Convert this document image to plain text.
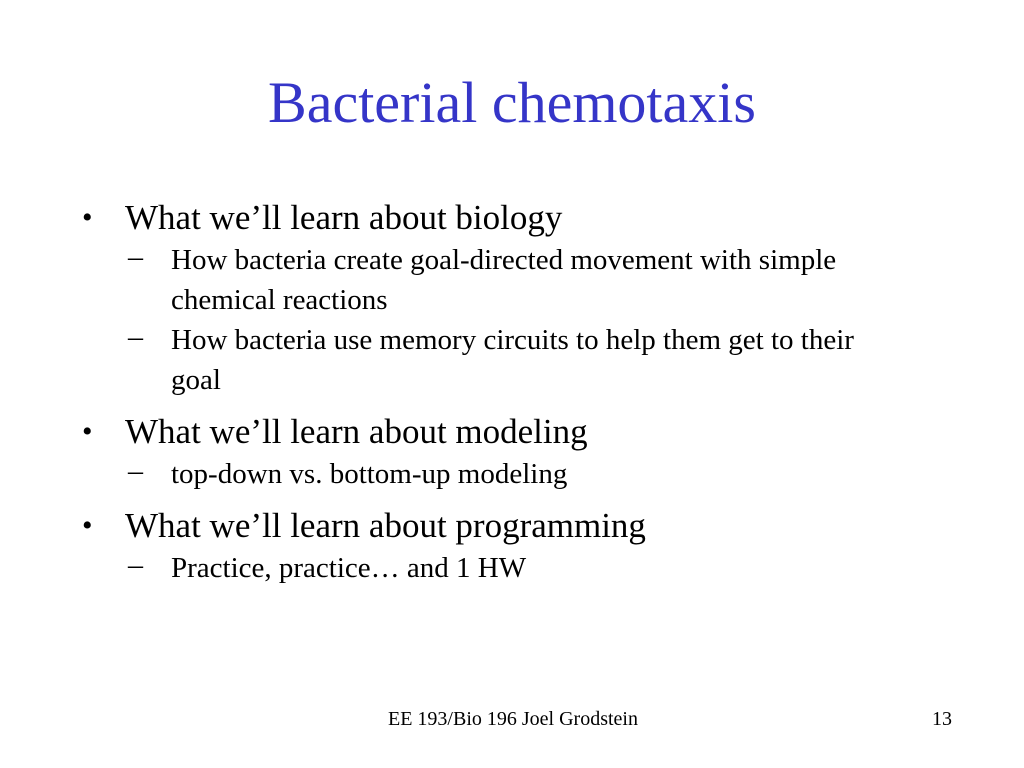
Bacterial chemotaxis
• What we’ll learn about biology
– How bacteria create goal-directed movement with simple chemical reactions
– How bacteria use memory circuits to help them get to their goal
• What we’ll learn about modeling
– top-down vs. bottom-up modeling
• What we’ll learn about programming
– Practice, practice… and 1 HW
EE 193/Bio 196 Joel Grodstein	13
